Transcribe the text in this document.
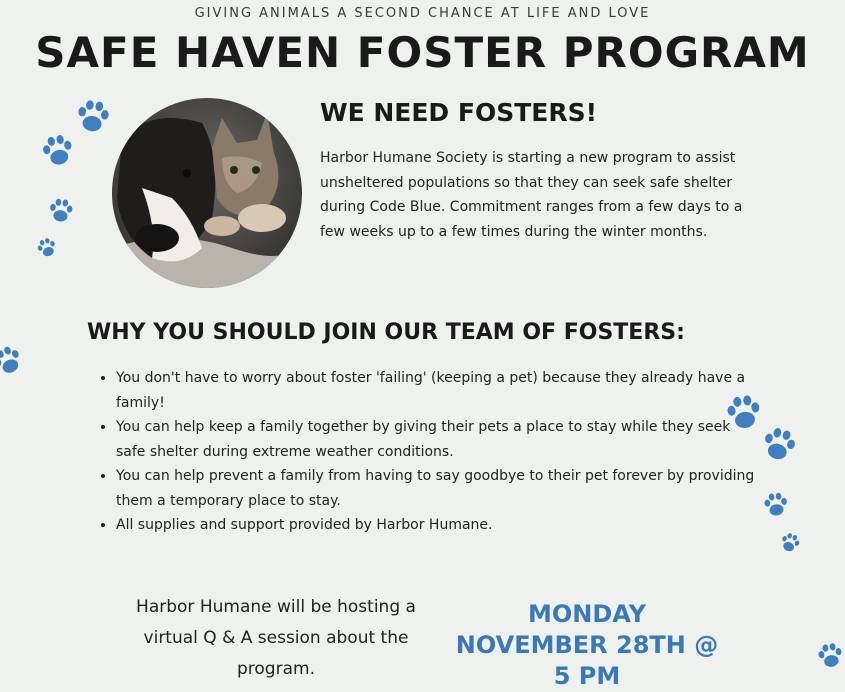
GIVING ANIMALS A SECOND CHANCE AT LIFE AND LOVE
SAFE HAVEN FOSTER PROGRAM
WE NEED FOSTERS!
Harbor Humane Society is starting a new program to assist unsheltered populations so that they can seek safe shelter during Code Blue. Commitment ranges from a few days to a few weeks up to a few times during the winter months.
WHY YOU SHOULD JOIN OUR TEAM OF FOSTERS:
• You don't have to worry about foster 'failing' (keeping a pet) because they already have a family!
• You can help keep a family together by giving their pets a place to stay while they seek safe shelter during extreme weather conditions.
• You can help prevent a family from having to say goodbye to their pet forever by providing them a temporary place to stay.
• All supplies and support provided by Harbor Humane.
Harbor Humane will be hosting a virtual Q & A session about the program.
MONDAY NOVEMBER 28TH @ 5 PM
